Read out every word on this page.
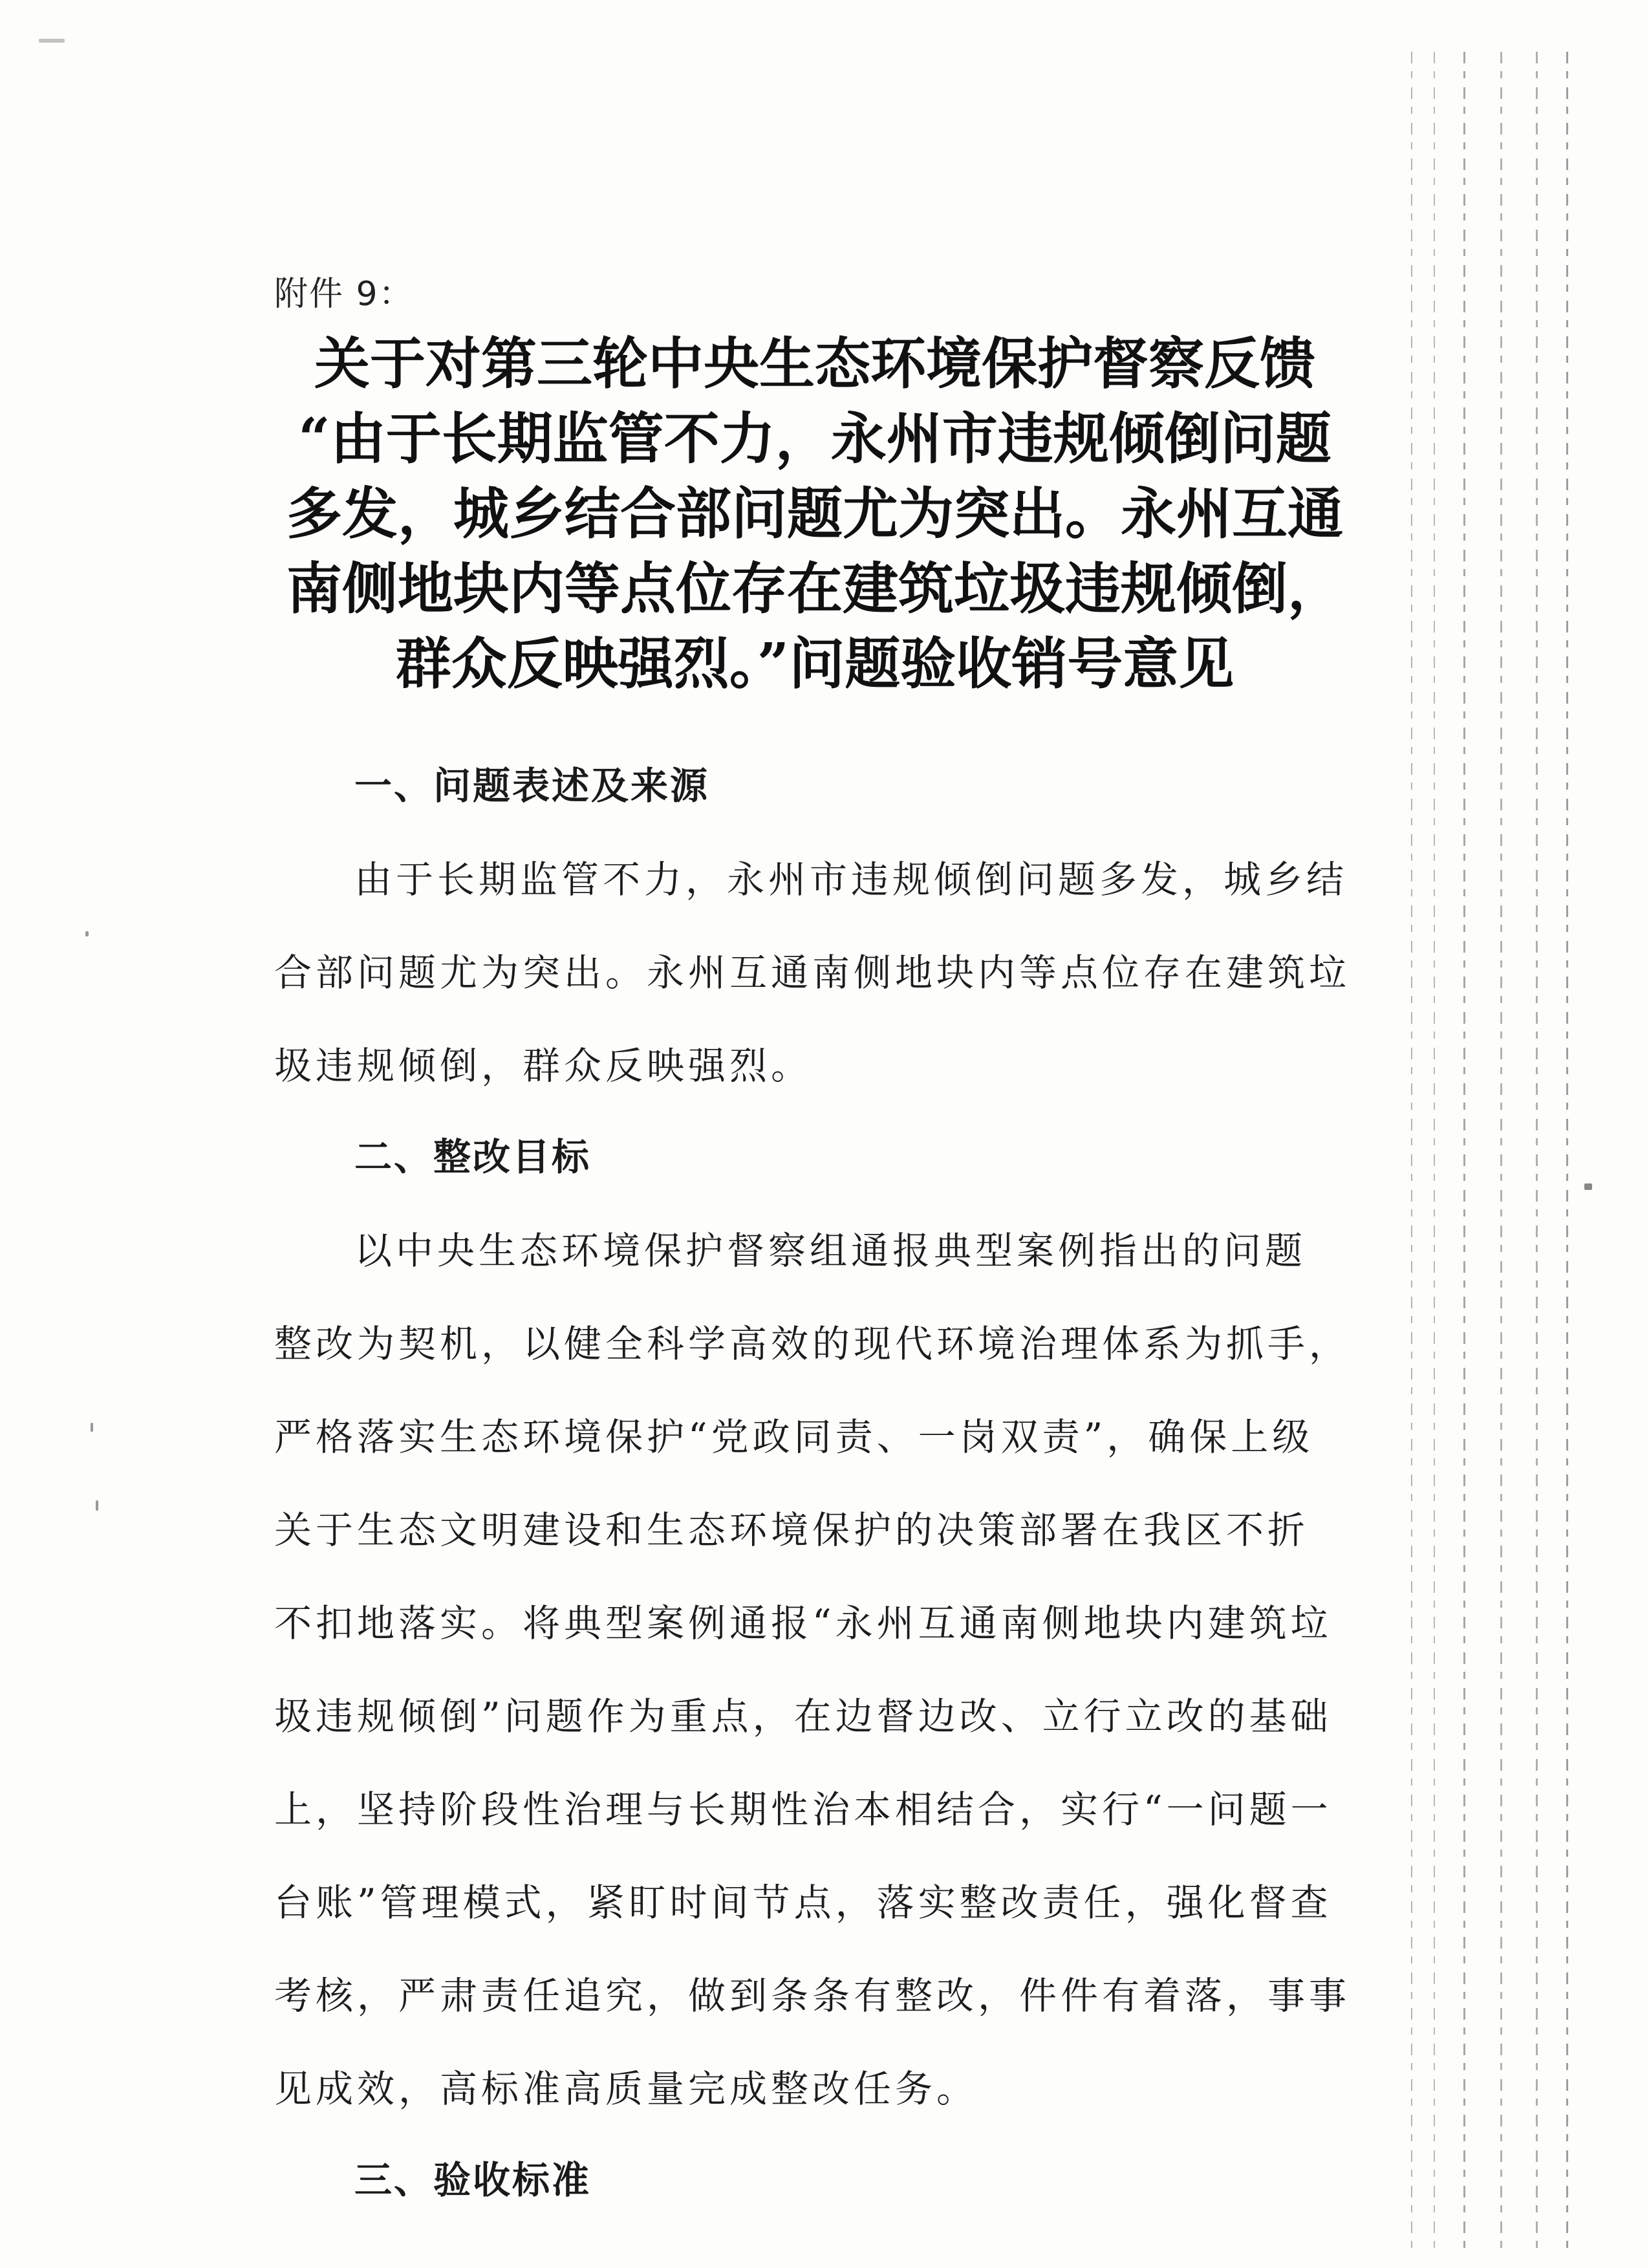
附件 9：
关于对第三轮中央生态环境保护督察反馈
“由于长期监管不力，永州市违规倾倒问题
多发，城乡结合部问题尤为突出。永州互通
南侧地块内等点位存在建筑垃圾违规倾倒，
群众反映强烈。”问题验收销号意见
一、问题表述及来源

由于长期监管不力，永州市违规倾倒问题多发，城乡结
合部问题尤为突出。永州互通南侧地块内等点位存在建筑垃
圾违规倾倒，群众反映强烈。

二、整改目标

以中央生态环境保护督察组通报典型案例指出的问题
整改为契机，以健全科学高效的现代环境治理体系为抓手，
严格落实生态环境保护“党政同责、一岗双责”，确保上级
关于生态文明建设和生态环境保护的决策部署在我区不折
不扣地落实。将典型案例通报“永州互通南侧地块内建筑垃
圾违规倾倒”问题作为重点，在边督边改、立行立改的基础
上，坚持阶段性治理与长期性治本相结合，实行“一问题一
台账”管理模式，紧盯时间节点，落实整改责任，强化督查
考核，严肃责任追究，做到条条有整改，件件有着落，事事
见成效，高标准高质量完成整改任务。

三、验收标准
